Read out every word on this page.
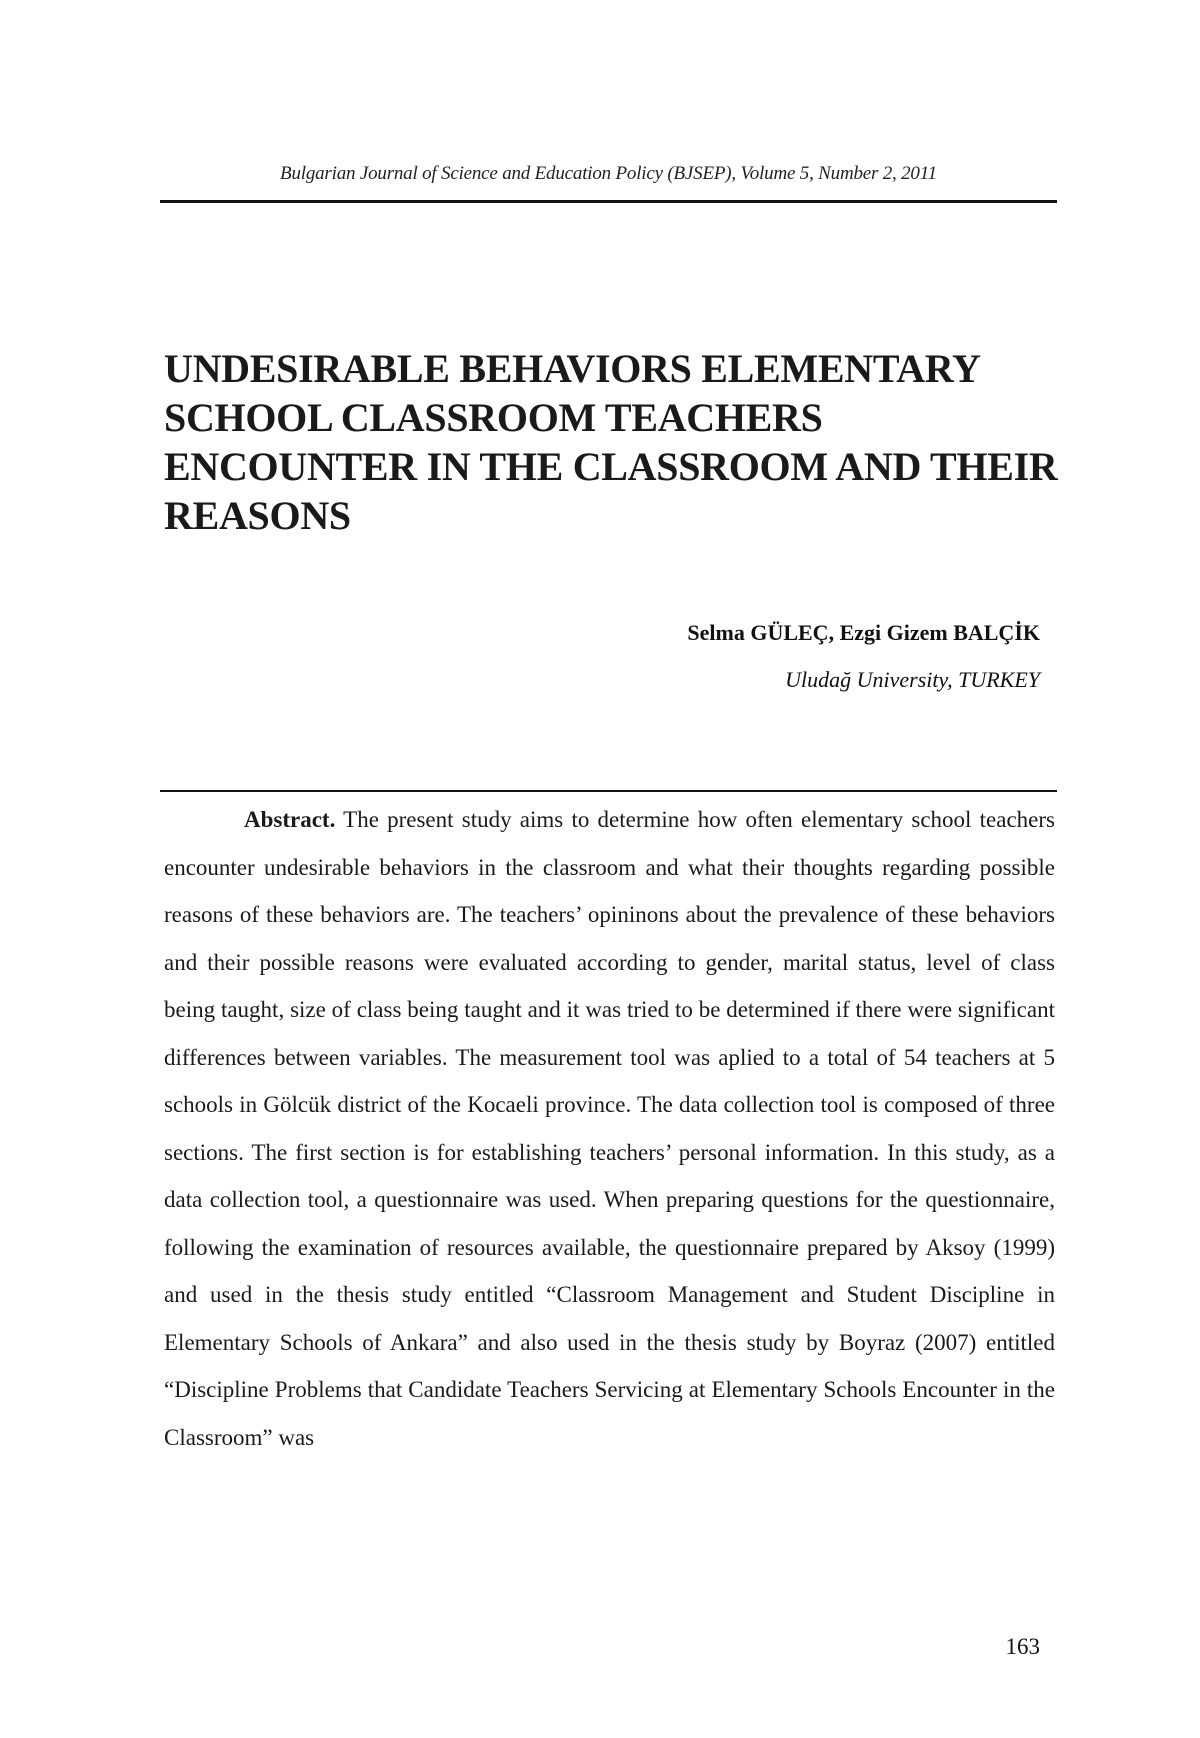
Bulgarian Journal of Science and Education Policy (BJSEP), Volume 5, Number 2, 2011
UNDESIRABLE BEHAVIORS ELEMENTARY SCHOOL CLASSROOM TEACHERS ENCOUNTER IN THE CLASSROOM AND THEIR REASONS
Selma GÜLEÇ, Ezgi Gizem BALÇİK
Uludağ University, TURKEY

Abstract. The present study aims to determine how often elementary school teachers encounter undesirable behaviors in the classroom and what their thoughts regarding possible reasons of these behaviors are. The teachers’ opininons about the prevalence of these behaviors and their possible reasons were evaluated according to gender, marital status, level of class being taught, size of class being taught and it was tried to be determined if there were significant differences between variables. The measurement tool was aplied to a total of 54 teachers at 5 schools in Gölcük district of the Kocaeli province. The data collection tool is composed of three sections. The first section is for establishing teachers’ personal information. In this study, as a data collection tool, a questionnaire was used. When preparing questions for the questionnaire, following the examination of resources available, the questionnaire prepared by Aksoy (1999) and used in the thesis study entitled “Classroom Management and Student Discipline in Elementary Schools of Ankara” and also used in the thesis study by Boyraz (2007) entitled “Discipline Problems that Candidate Teachers Servicing at Elementary Schools Encounter in the Classroom” was

163
